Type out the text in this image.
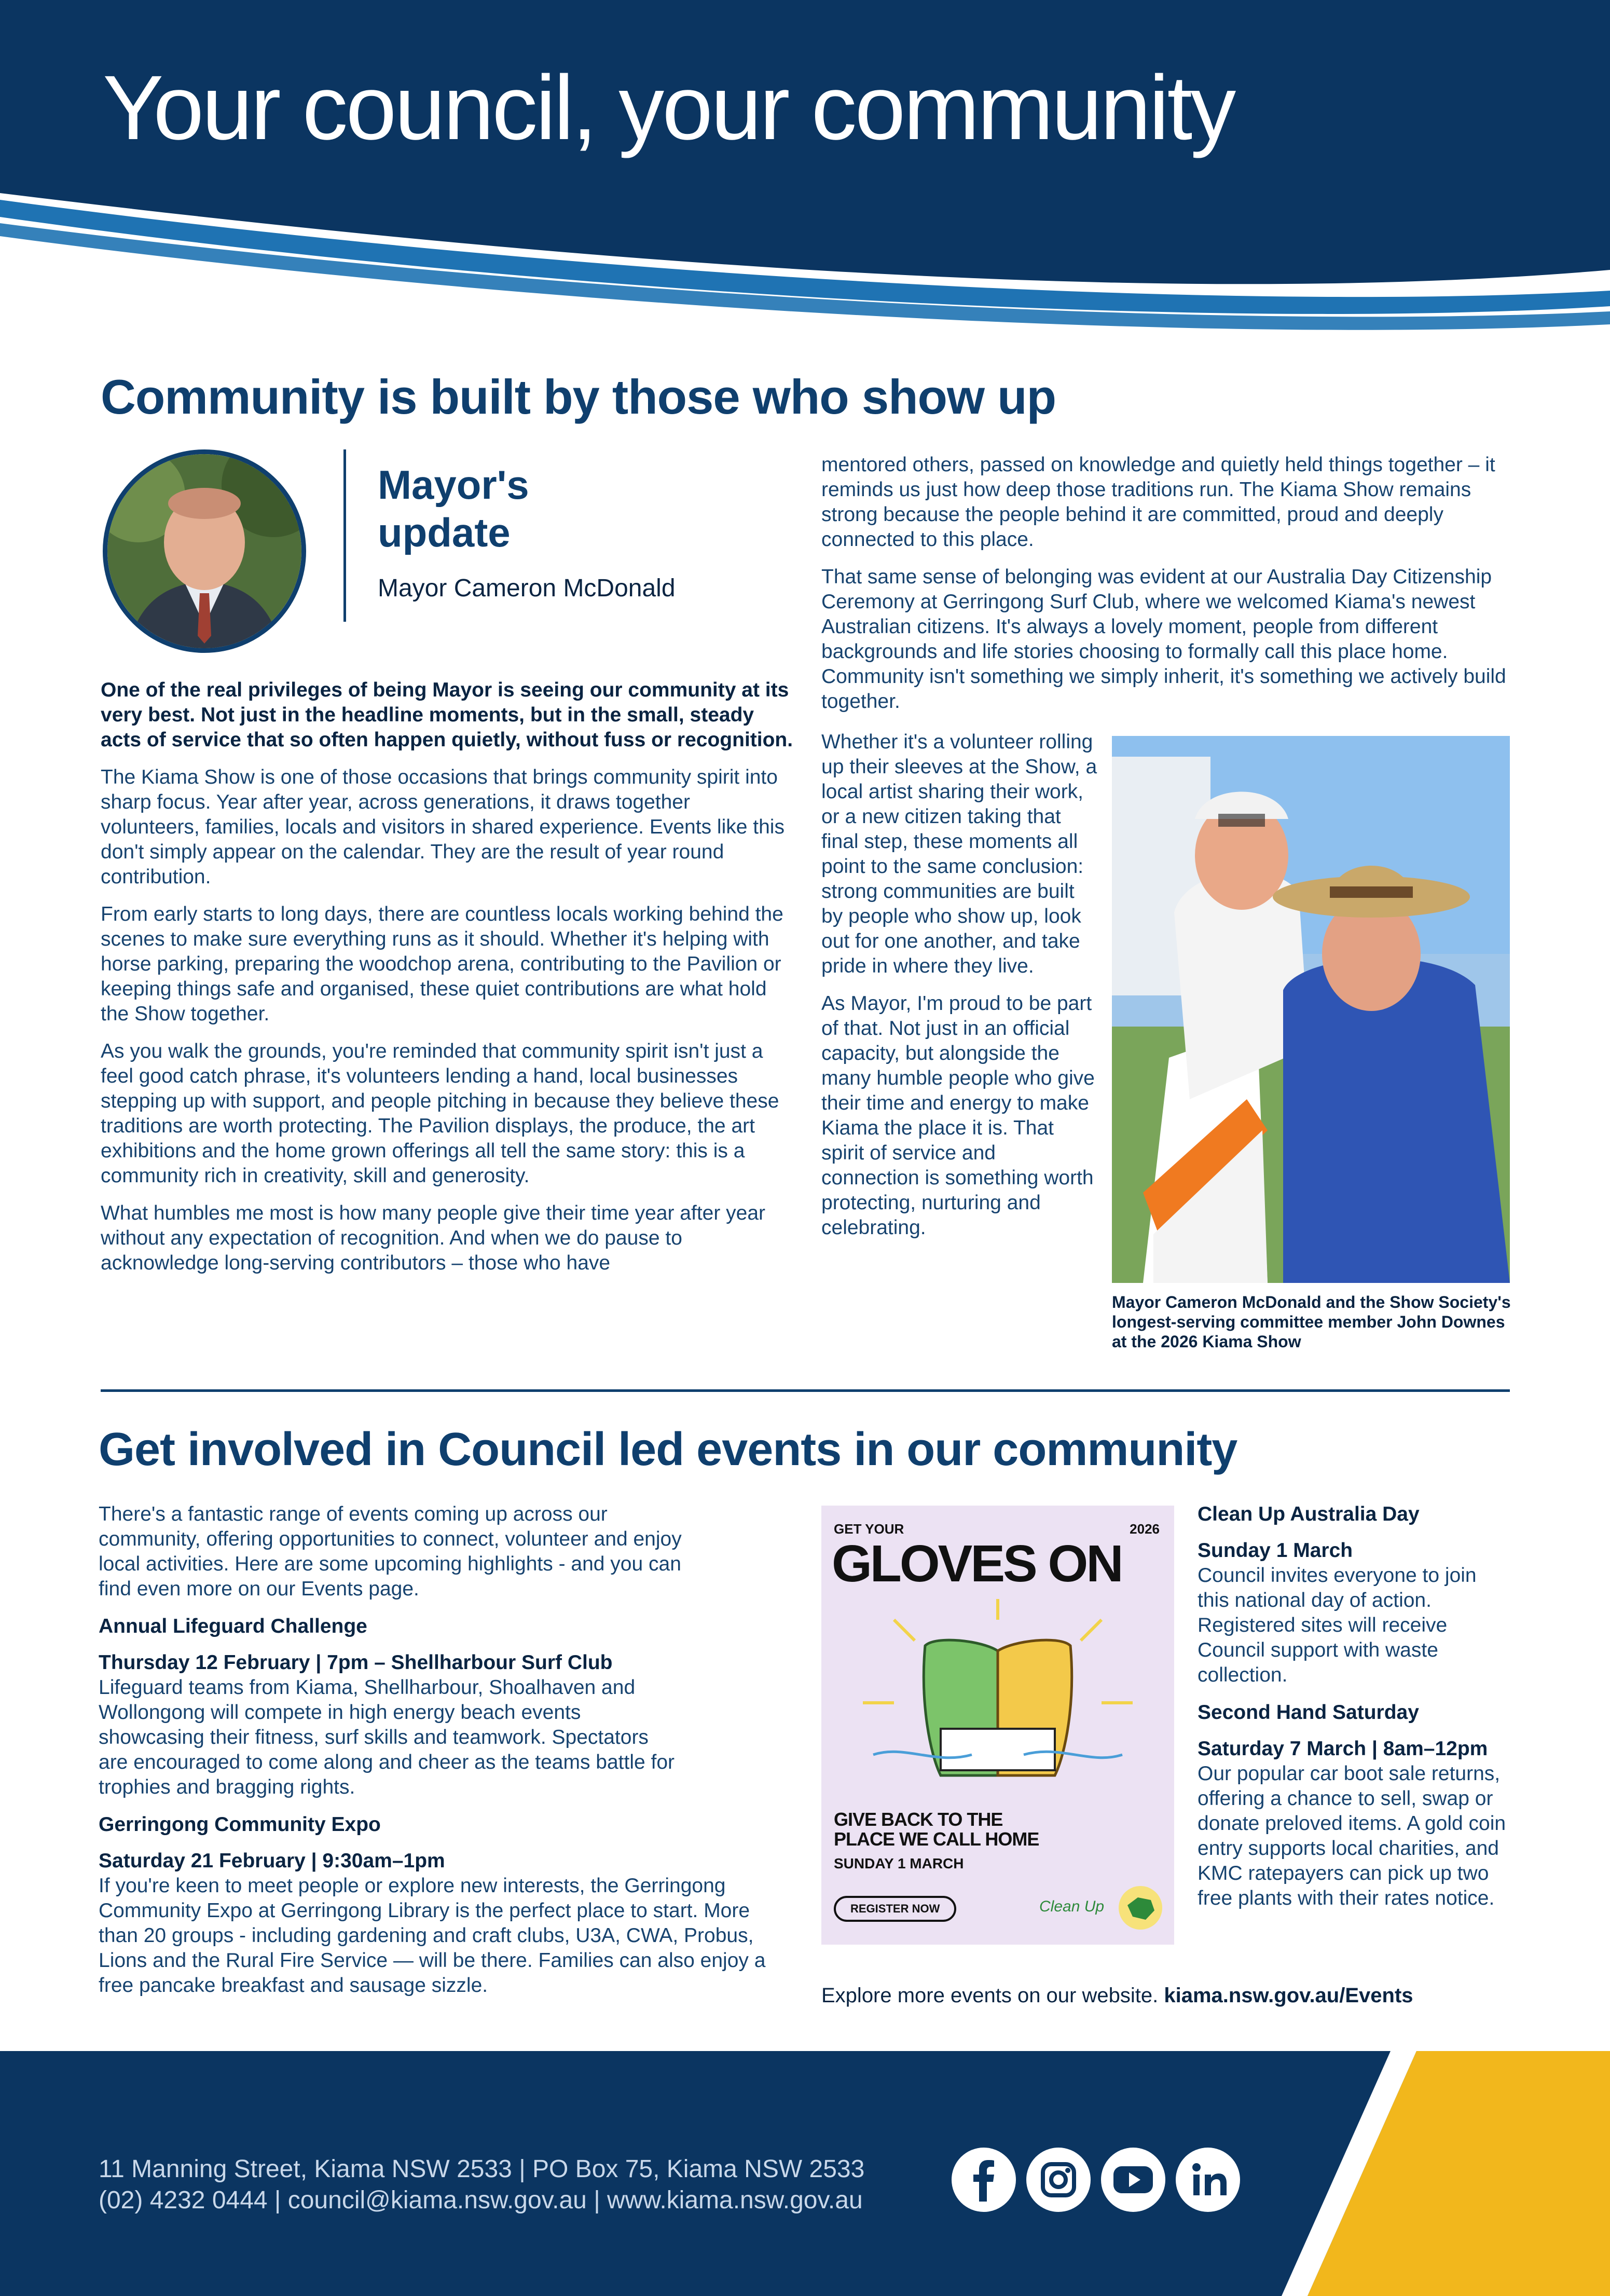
Your council, your community
Community is built by those who show up
Mayor's
update
Mayor Cameron McDonald

One of the real privileges of being Mayor is seeing our community at its very best. Not just in the headline moments, but in the small, steady acts of service that so often happen quietly, without fuss or recognition.

The Kiama Show is one of those occasions that brings community spirit into sharp focus. Year after year, across generations, it draws together volunteers, families, locals and visitors in shared experience. Events like this don't simply appear on the calendar. They are the result of year round contribution.

From early starts to long days, there are countless locals working behind the scenes to make sure everything runs as it should. Whether it's helping with horse parking, preparing the woodchop arena, contributing to the Pavilion or keeping things safe and organised, these quiet contributions are what hold the Show together.

As you walk the grounds, you're reminded that community spirit isn't just a feel good catch phrase, it's volunteers lending a hand, local businesses stepping up with support, and people pitching in because they believe these traditions are worth protecting. The Pavilion displays, the produce, the art exhibitions and the home grown offerings all tell the same story: this is a community rich in creativity, skill and generosity.

What humbles me most is how many people give their time year after year without any expectation of recognition. And when we do pause to acknowledge long-serving contributors – those who have

mentored others, passed on knowledge and quietly held things together – it reminds us just how deep those traditions run. The Kiama Show remains strong because the people behind it are committed, proud and deeply connected to this place.

That same sense of belonging was evident at our Australia Day Citizenship Ceremony at Gerringong Surf Club, where we welcomed Kiama's newest Australian citizens. It's always a lovely moment, people from different backgrounds and life stories choosing to formally call this place home. Community isn't something we simply inherit, it's something we actively build together.

Whether it's a volunteer rolling up their sleeves at the Show, a local artist sharing their work, or a new citizen taking that final step, these moments all point to the same conclusion: strong communities are built by people who show up, look out for one another, and take pride in where they live.

As Mayor, I'm proud to be part of that. Not just in an official capacity, but alongside the many humble people who give their time and energy to make Kiama the place it is. That spirit of service and connection is something worth protecting, nurturing and celebrating.

Mayor Cameron McDonald and the Show Society's longest-serving committee member John Downes at the 2026 Kiama Show
Get involved in Council led events in our community

There's a fantastic range of events coming up across our community, offering opportunities to connect, volunteer and enjoy local activities. Here are some upcoming highlights - and you can find even more on our Events page.

Annual Lifeguard Challenge
Thursday 12 February | 7pm – Shellharbour Surf Club
Lifeguard teams from Kiama, Shellharbour, Shoalhaven and Wollongong will compete in high energy beach events showcasing their fitness, surf skills and teamwork. Spectators are encouraged to come along and cheer as the teams battle for trophies and bragging rights.
Gerringong Community Expo
Saturday 21 February | 9:30am–1pm
If you're keen to meet people or explore new interests, the Gerringong Community Expo at Gerringong Library is the perfect place to start. More than 20 groups - including gardening and craft clubs, U3A, CWA, Probus, Lions and the Rural Fire Service — will be there. Families can also enjoy a free pancake breakfast and sausage sizzle.
GET YOUR	2026
GLOVES ON
GIVE BACK TO THE
PLACE WE CALL HOME
SUNDAY 1 MARCH
REGISTER NOW	Clean Up
Clean Up Australia Day
Sunday 1 March
Council invites everyone to join this national day of action. Registered sites will receive Council support with waste collection.
Second Hand Saturday
Saturday 7 March | 8am–12pm
Our popular car boot sale returns, offering a chance to sell, swap or donate preloved items. A gold coin entry supports local charities, and KMC ratepayers can pick up two free plants with their rates notice.
Explore more events on our website. kiama.nsw.gov.au/Events
11 Manning Street, Kiama NSW 2533 | PO Box 75, Kiama NSW 2533
(02) 4232 0444 | council@kiama.nsw.gov.au | www.kiama.nsw.gov.au
